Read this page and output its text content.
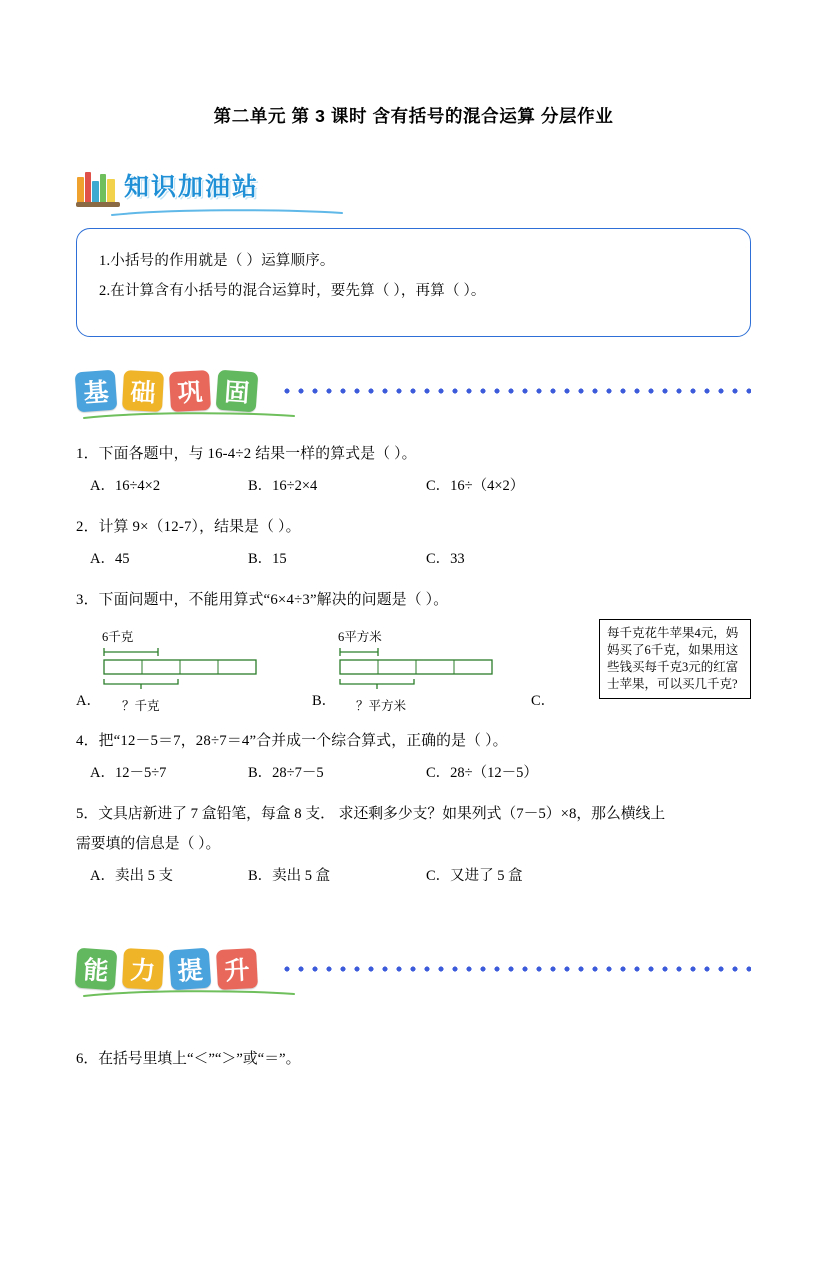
第二单元 第 3 课时 含有括号的混合运算 分层作业
知识加油站
1.小括号的作用就是（ ）运算顺序。
2.在计算含有小括号的混合运算时，要先算（ ），再算（ ）。
基 础 巩 固
1．下面各题中，与 16-4÷2 结果一样的算式是（ ）。
A．16÷4×2	B．16÷2×4	C．16÷（4×2）
2．计算 9×（12-7），结果是（ ）。
A．45	B．15	C．33
3．下面问题中，不能用算式“6×4÷3”解决的问题是（ ）。
6千克
？千克
6平方米
？平方米
A．	B．	C．
每千克花牛苹果4元，妈妈买了6千克，如果用这些钱买每千克3元的红富士苹果，可以买几千克?
4．把“12－5＝7，28÷7＝4”合并成一个综合算式，正确的是（ ）。
A．12－5÷7	B．28÷7－5	C．28÷（12－5）
5．文具店新进了 7 盒铅笔，每盒 8 支． 求还剩多少支？如果列式（7－5）×8，那么横线上
需要填的信息是（ ）。
A．卖出 5 支	B．卖出 5 盒	C．又进了 5 盒
能 力 提 升
6．在括号里填上“＜”“＞”或“＝”。
